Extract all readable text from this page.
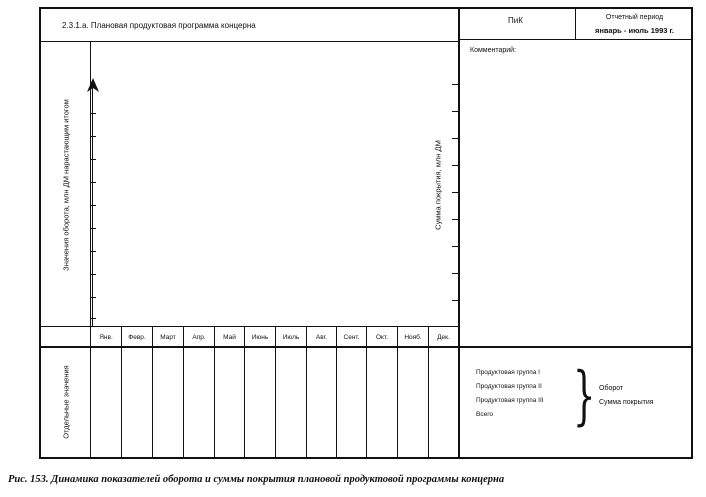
2.3.1.а. Плановая продуктовая программа концерна
ПиК	Отчетный период
январь - июль 1993 г.
Комментарий:
Значения оборота, млн ДМ нарастающим итогом	Сумма покрытия, млн ДМ
Отдельные значения
Янв.	Февр.	Март	Апр.	Май	Июнь	Июль	Авг.	Сент.	Окт.	Нояб.	Дек.
Продуктовая группа I
Продуктовая группа II
Продуктовая группа III
Всего } Оборот
Сумма покрытия
Рис. 153. Динамика показателей оборота и суммы покрытия плановой продуктовой программы концерна
